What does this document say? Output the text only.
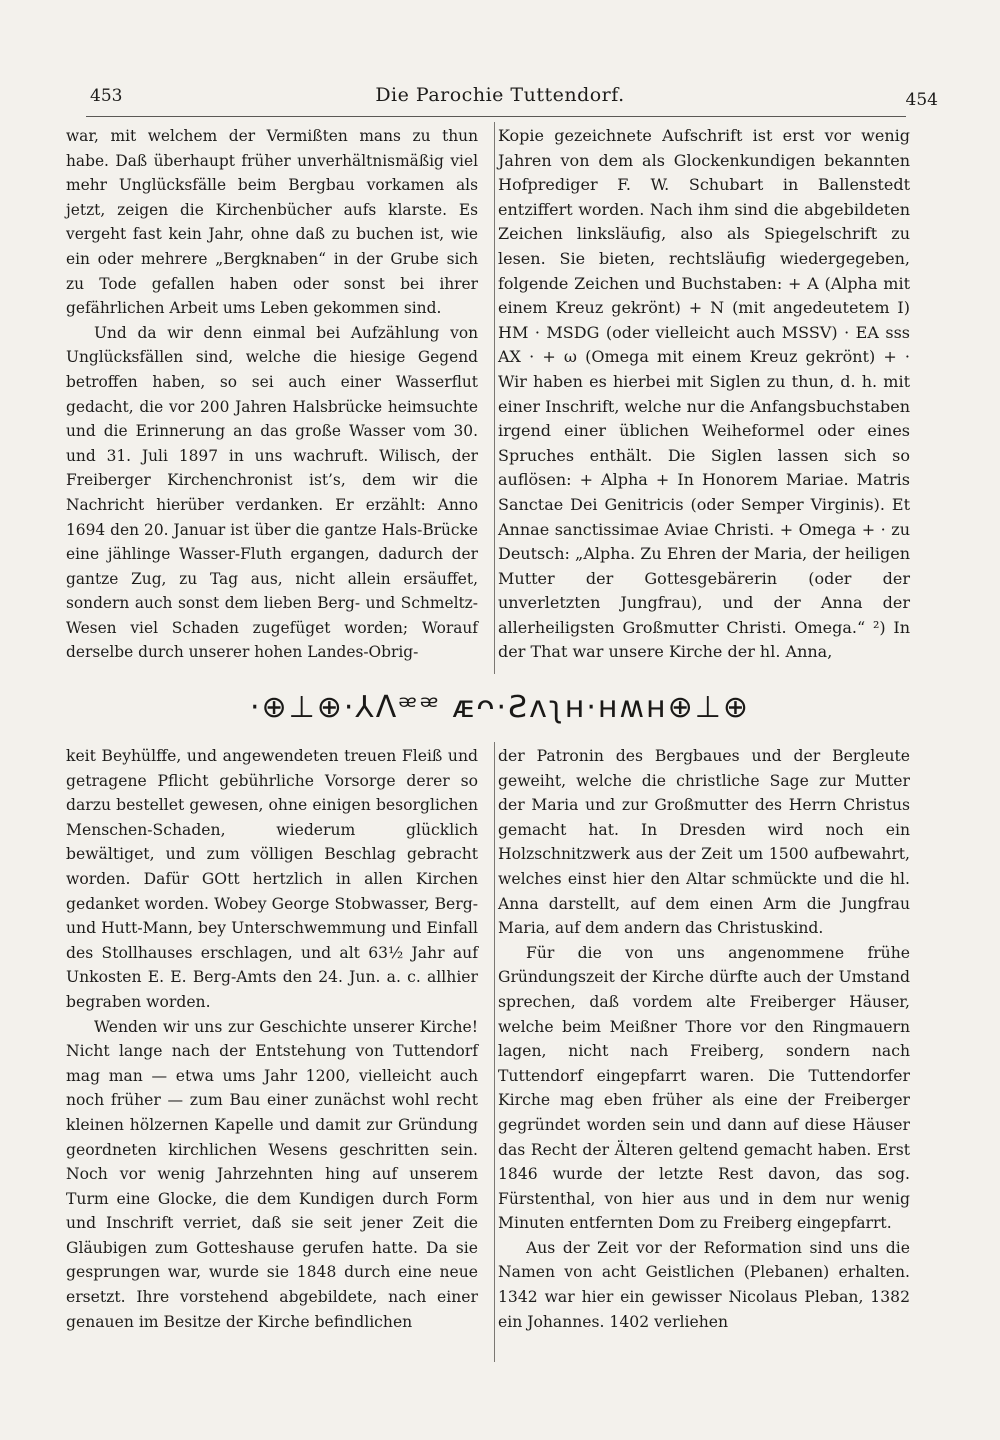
453	Die Parochie Tuttendorf.	454

war, mit welchem der Vermißten mans zu thun habe. Daß überhaupt früher unverhältnismäßig viel mehr Unglücksfälle beim Bergbau vorkamen als jetzt, zeigen die Kirchenbücher aufs klarste. Es vergeht fast kein Jahr, ohne daß zu buchen ist, wie ein oder mehrere „Bergknaben“ in der Grube sich zu Tode gefallen haben oder sonst bei ihrer gefährlichen Arbeit ums Leben gekommen sind.

Und da wir denn einmal bei Aufzählung von Unglücksfällen sind, welche die hiesige Gegend betroffen haben, so sei auch einer Wasserflut gedacht, die vor 200 Jahren Halsbrücke heimsuchte und die Erinnerung an das große Wasser vom 30. und 31. Juli 1897 in uns wachruft. Wilisch, der Freiberger Kirchenchronist ist’s, dem wir die Nachricht hierüber verdanken. Er erzählt: Anno 1694 den 20. Januar ist über die gantze Hals-Brücke eine jählinge Wasser-Fluth ergangen, dadurch der gantze Zug, zu Tag aus, nicht allein ersäuffet, sondern auch sonst dem lieben Berg- und Schmeltz-Wesen viel Schaden zugefüget worden; Worauf derselbe durch unserer hohen Landes-Obrig-

Kopie gezeichnete Aufschrift ist erst vor wenig Jahren von dem als Glockenkundigen bekannten Hofprediger F. W. Schubart in Ballenstedt entziffert worden. Nach ihm sind die abgebildeten Zeichen linksläufig, also als Spiegelschrift zu lesen. Sie bieten, rechtsläufig wiedergegeben, folgende Zeichen und Buchstaben: + A (Alpha mit einem Kreuz gekrönt) + N (mit angedeutetem I) HM · MSDG (oder vielleicht auch MSSV) · EA sss AX · + ω (Omega mit einem Kreuz gekrönt) + · Wir haben es hierbei mit Siglen zu thun, d. h. mit einer Inschrift, welche nur die Anfangsbuchstaben irgend einer üblichen Weiheformel oder eines Spruches enthält. Die Siglen lassen sich so auflösen: + Alpha + In Honorem Mariae. Matris Sanctae Dei Genitricis (oder Semper Virginis). Et Annae sanctissimae Aviae Christi. + Omega + · zu Deutsch: „Alpha. Zu Ehren der Maria, der heiligen Mutter der Gottesgebärerin (oder der unverletzten Jungfrau), und der Anna der allerheiligsten Großmutter Christi. Omega.“ ²) In der That war unsere Kirche der hl. Anna,

·⊕⊥⊕·⅄Ʌᵆᵆ ᴁᴖ·Ƨᴧʅʜ·ʜʍʜ⊕⊥⊕

keit Beyhülffe, und angewendeten treuen Fleiß und getragene Pflicht gebührliche Vorsorge derer so darzu bestellet gewesen, ohne einigen besorglichen Menschen-Schaden, wiederum glücklich bewältiget, und zum völligen Beschlag gebracht worden. Dafür GOtt hertzlich in allen Kirchen gedanket worden. Wobey George Stobwasser, Berg- und Hutt-Mann, bey Unterschwemmung und Einfall des Stollhauses erschlagen, und alt 63½ Jahr auf Unkosten E. E. Berg-Amts den 24. Jun. a. c. allhier begraben worden.

Wenden wir uns zur Geschichte unserer Kirche! Nicht lange nach der Entstehung von Tuttendorf mag man — etwa ums Jahr 1200, vielleicht auch noch früher — zum Bau einer zunächst wohl recht kleinen hölzernen Kapelle und damit zur Gründung geordneten kirchlichen Wesens geschritten sein. Noch vor wenig Jahrzehnten hing auf unserem Turm eine Glocke, die dem Kundigen durch Form und Inschrift verriet, daß sie seit jener Zeit die Gläubigen zum Gotteshause gerufen hatte. Da sie gesprungen war, wurde sie 1848 durch eine neue ersetzt. Ihre vorstehend abgebildete, nach einer genauen im Besitze der Kirche befindlichen

der Patronin des Bergbaues und der Bergleute geweiht, welche die christliche Sage zur Mutter der Maria und zur Großmutter des Herrn Christus gemacht hat. In Dresden wird noch ein Holzschnitzwerk aus der Zeit um 1500 aufbewahrt, welches einst hier den Altar schmückte und die hl. Anna darstellt, auf dem einen Arm die Jungfrau Maria, auf dem andern das Christuskind.

Für die von uns angenommene frühe Gründungszeit der Kirche dürfte auch der Umstand sprechen, daß vordem alte Freiberger Häuser, welche beim Meißner Thore vor den Ringmauern lagen, nicht nach Freiberg, sondern nach Tuttendorf eingepfarrt waren. Die Tuttendorfer Kirche mag eben früher als eine der Freiberger gegründet worden sein und dann auf diese Häuser das Recht der Älteren geltend gemacht haben. Erst 1846 wurde der letzte Rest davon, das sog. Fürstenthal, von hier aus und in dem nur wenig Minuten entfernten Dom zu Freiberg eingepfarrt.

Aus der Zeit vor der Reformation sind uns die Namen von acht Geistlichen (Plebanen) erhalten. 1342 war hier ein gewisser Nicolaus Pleban, 1382 ein Johannes. 1402 verliehen
